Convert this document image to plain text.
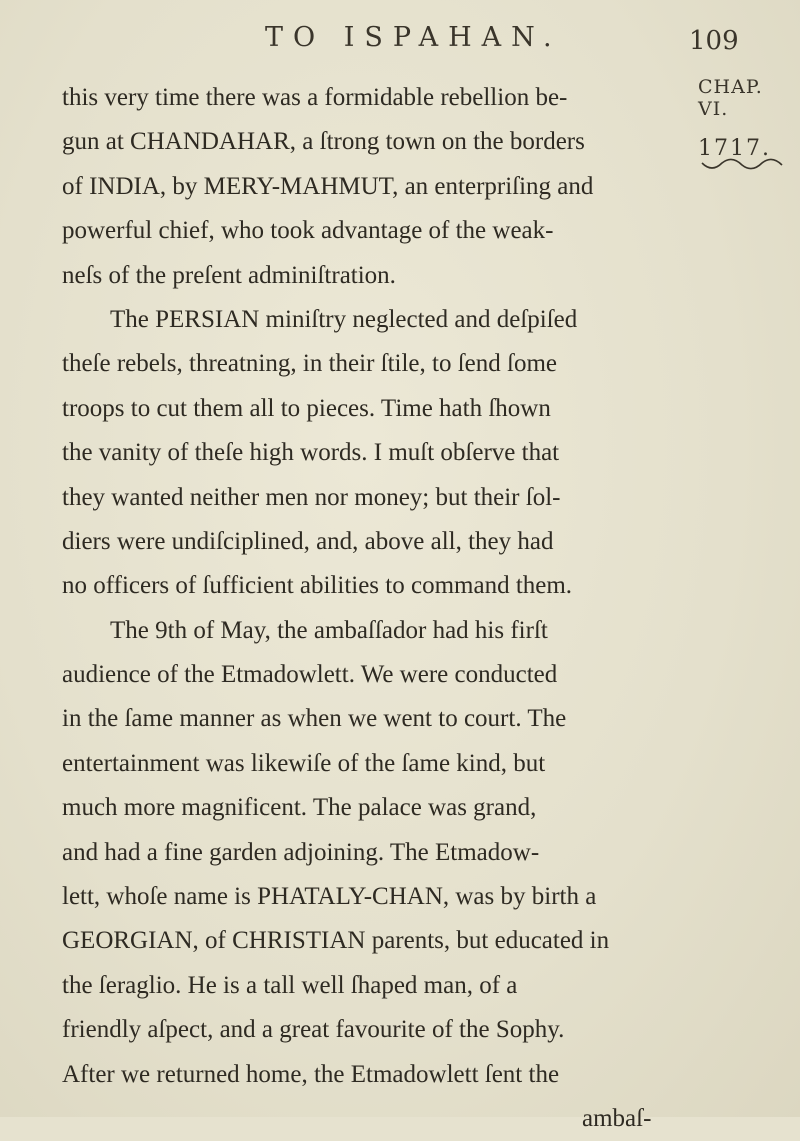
TO ISPAHAN.	109
CHAP. VI.
1717.
this very time there was a formidable rebellion be-
gun at CHANDAHAR, a ſtrong town on the borders
of INDIA, by MERY-MAHMUT, an enterpriſing and
powerful chief, who took advantage of the weak-
neſs of the preſent adminiſtration.
The PERSIAN miniſtry neglected and deſpiſed
theſe rebels, threatning, in their ſtile, to ſend ſome
troops to cut them all to pieces. Time hath ſhown
the vanity of theſe high words. I muſt obſerve that
they wanted neither men nor money; but their ſol-
diers were undiſciplined, and, above all, they had
no officers of ſufficient abilities to command them.
The 9th of May, the ambaſſador had his firſt
audience of the Etmadowlett. We were conducted
in the ſame manner as when we went to court. The
entertainment was likewiſe of the ſame kind, but
much more magnificent. The palace was grand,
and had a fine garden adjoining. The Etmadow-
lett, whoſe name is PHATALY-CHAN, was by birth a
GEORGIAN, of CHRISTIAN parents, but educated in
the ſeraglio. He is a tall well ſhaped man, of a
friendly aſpect, and a great favourite of the Sophy.
After we returned home, the Etmadowlett ſent the
ambaſ-
